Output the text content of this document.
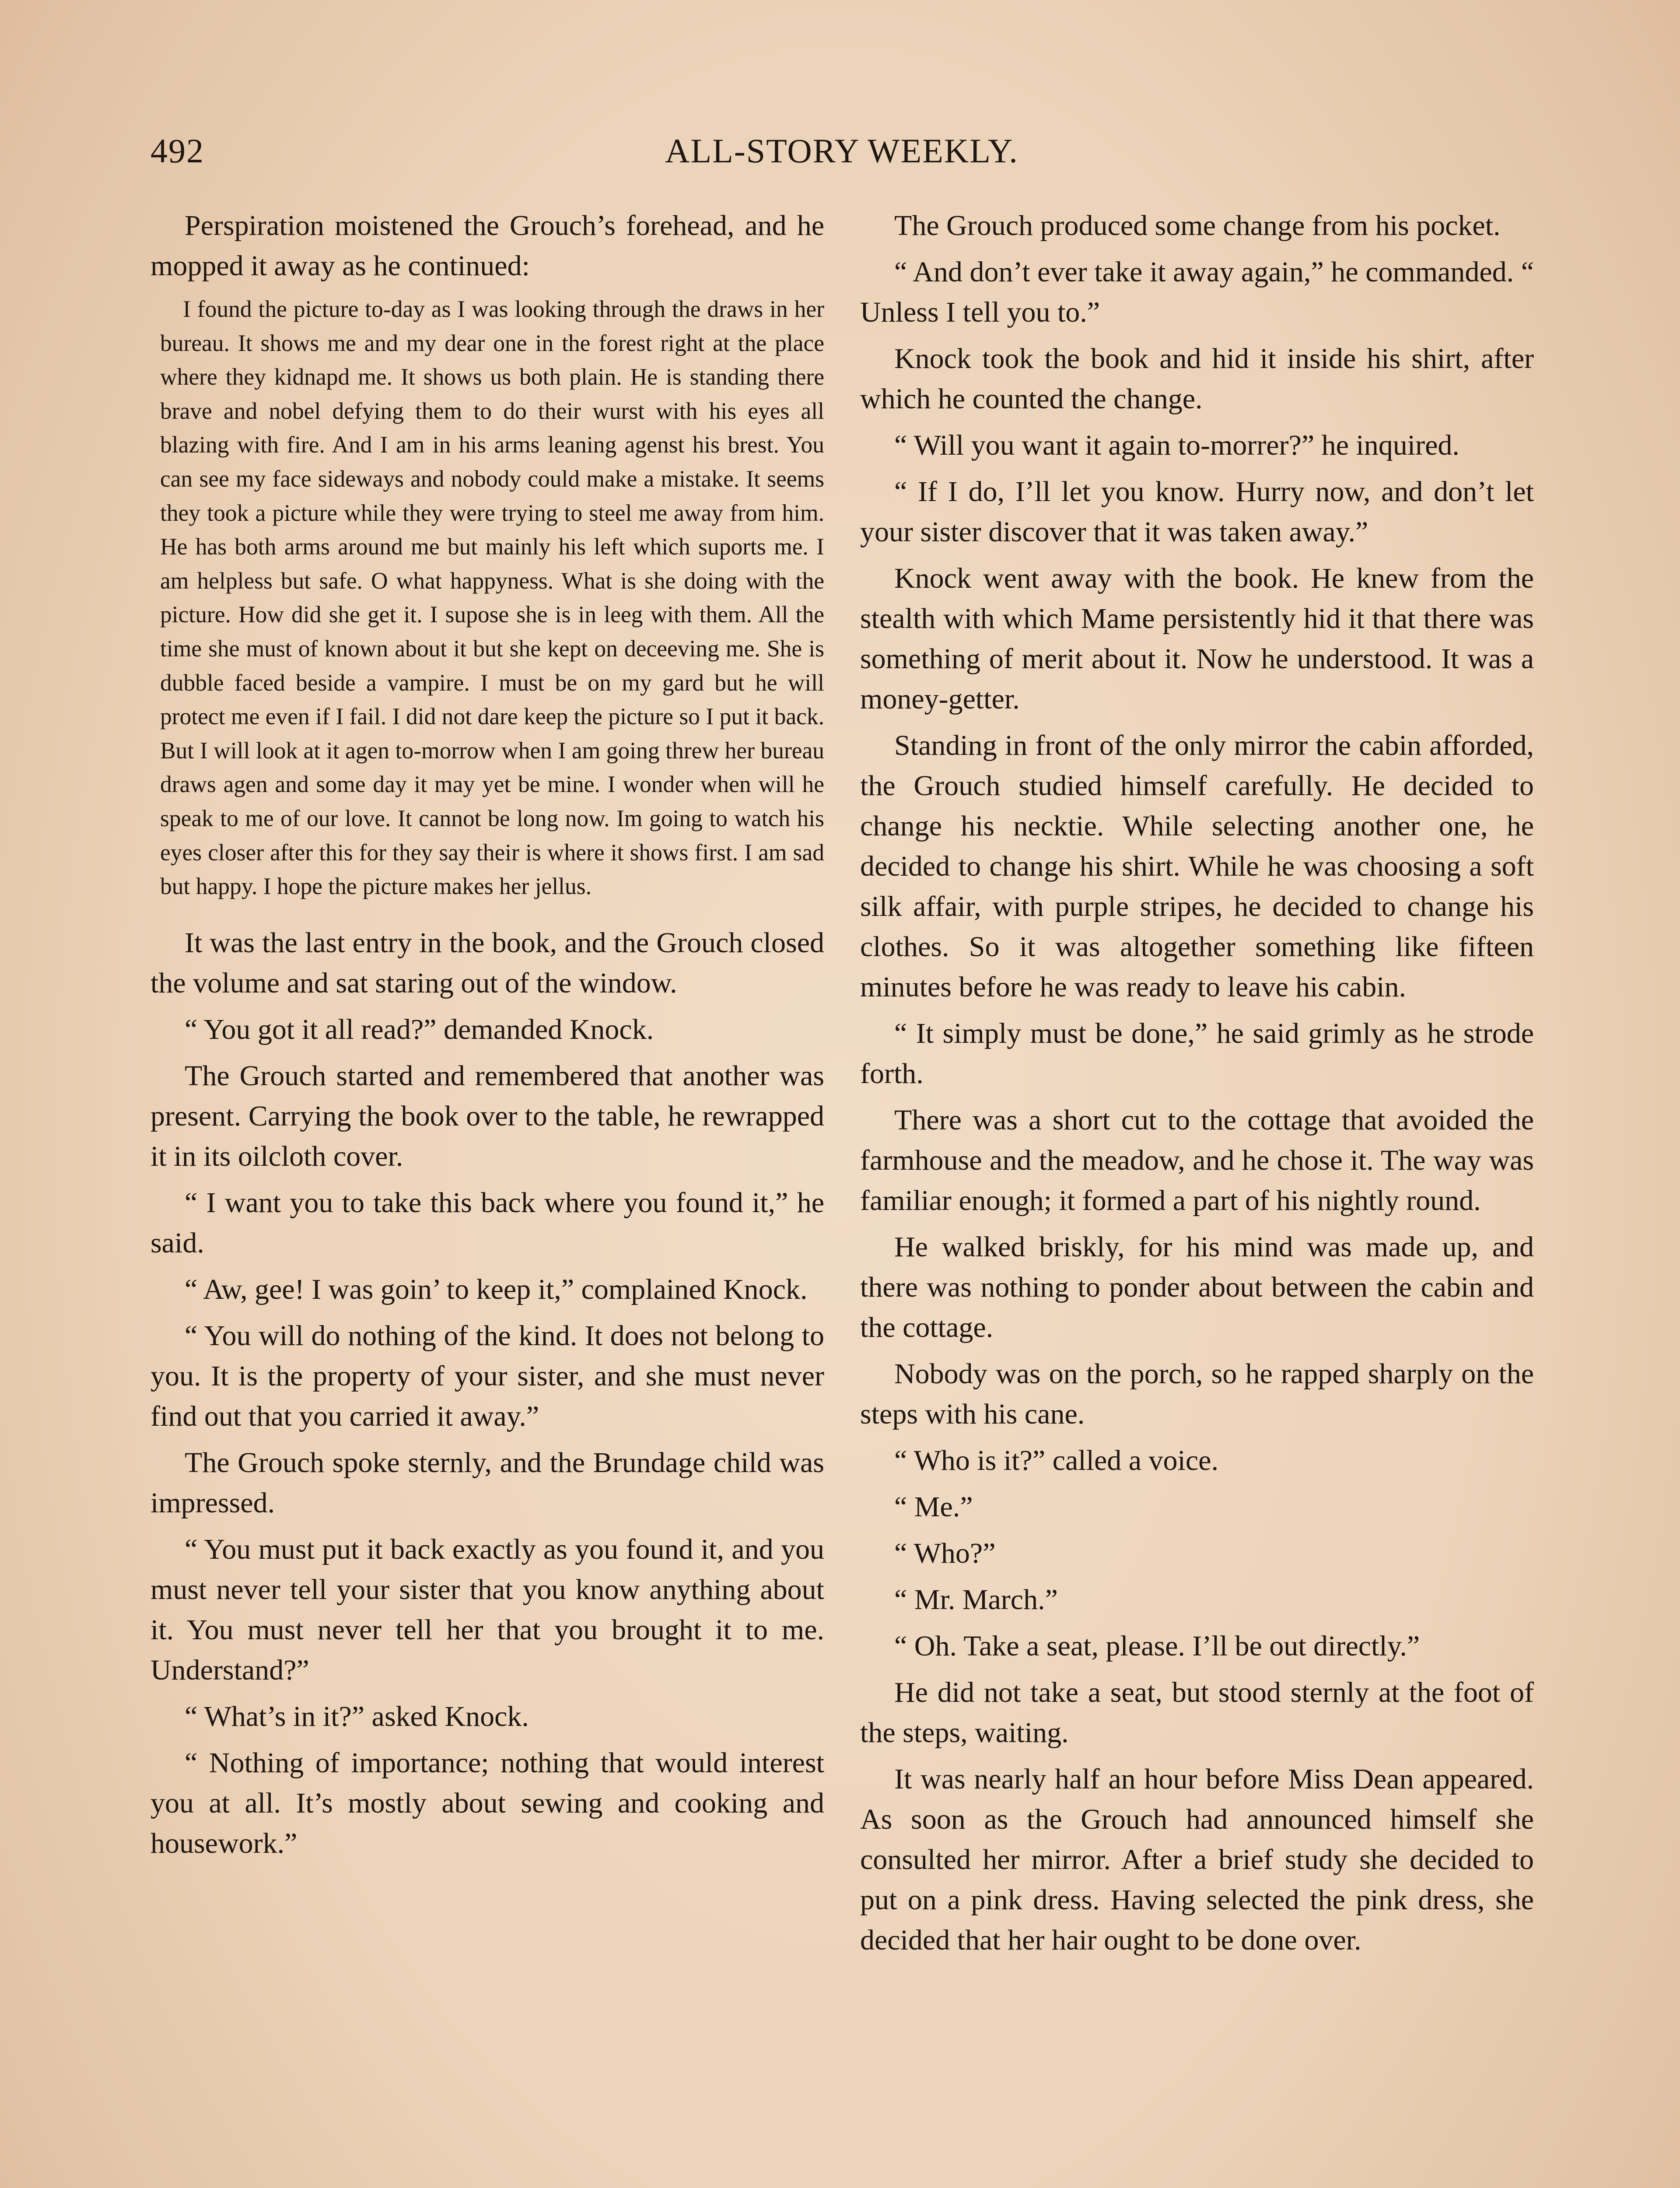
492	ALL-STORY WEEKLY.

Perspiration moistened the Grouch’s forehead, and he mopped it away as he continued:

I found the picture to-day as I was looking through the draws in her bureau. It shows me and my dear one in the forest right at the place where they kidnapd me. It shows us both plain. He is standing there brave and nobel defying them to do their wurst with his eyes all blazing with fire. And I am in his arms leaning agenst his brest. You can see my face sideways and nobody could make a mistake. It seems they took a picture while they were trying to steel me away from him. He has both arms around me but mainly his left which suports me. I am helpless but safe. O what happyness. What is she doing with the picture. How did she get it. I supose she is in leeg with them. All the time she must of known about it but she kept on deceeving me. She is dubble faced beside a vampire. I must be on my gard but he will protect me even if I fail. I did not dare keep the picture so I put it back. But I will look at it agen to-morrow when I am going threw her bureau draws agen and some day it may yet be mine. I wonder when will he speak to me of our love. It cannot be long now. Im going to watch his eyes closer after this for they say their is where it shows first. I am sad but happy. I hope the picture makes her jellus.

It was the last entry in the book, and the Grouch closed the volume and sat staring out of the window.

“ You got it all read?” demanded Knock.

The Grouch started and remembered that another was present. Carrying the book over to the table, he rewrapped it in its oilcloth cover.

“ I want you to take this back where you found it,” he said.

“ Aw, gee! I was goin’ to keep it,” complained Knock.

“ You will do nothing of the kind. It does not belong to you. It is the property of your sister, and she must never find out that you carried it away.”

The Grouch spoke sternly, and the Brundage child was impressed.

“ You must put it back exactly as you found it, and you must never tell your sister that you know anything about it. You must never tell her that you brought it to me. Understand?”

“ What’s in it?” asked Knock.

“ Nothing of importance; nothing that would interest you at all. It’s mostly about sewing and cooking and housework.”

The Grouch produced some change from his pocket.

“ And don’t ever take it away again,” he commanded. “ Unless I tell you to.”

Knock took the book and hid it inside his shirt, after which he counted the change.

“ Will you want it again to-morrer?” he inquired.

“ If I do, I’ll let you know. Hurry now, and don’t let your sister discover that it was taken away.”

Knock went away with the book. He knew from the stealth with which Mame persistently hid it that there was something of merit about it. Now he understood. It was a money-getter.

Standing in front of the only mirror the cabin afforded, the Grouch studied himself carefully. He decided to change his necktie. While selecting another one, he decided to change his shirt. While he was choosing a soft silk affair, with purple stripes, he decided to change his clothes. So it was altogether something like fifteen minutes before he was ready to leave his cabin.

“ It simply must be done,” he said grimly as he strode forth.

There was a short cut to the cottage that avoided the farmhouse and the meadow, and he chose it. The way was familiar enough; it formed a part of his nightly round.

He walked briskly, for his mind was made up, and there was nothing to ponder about between the cabin and the cottage.

Nobody was on the porch, so he rapped sharply on the steps with his cane.

“ Who is it?” called a voice.

“ Me.”

“ Who?”

“ Mr. March.”

“ Oh. Take a seat, please. I’ll be out directly.”

He did not take a seat, but stood sternly at the foot of the steps, waiting.

It was nearly half an hour before Miss Dean appeared. As soon as the Grouch had announced himself she consulted her mirror. After a brief study she decided to put on a pink dress. Having selected the pink dress, she decided that her hair ought to be done over.
